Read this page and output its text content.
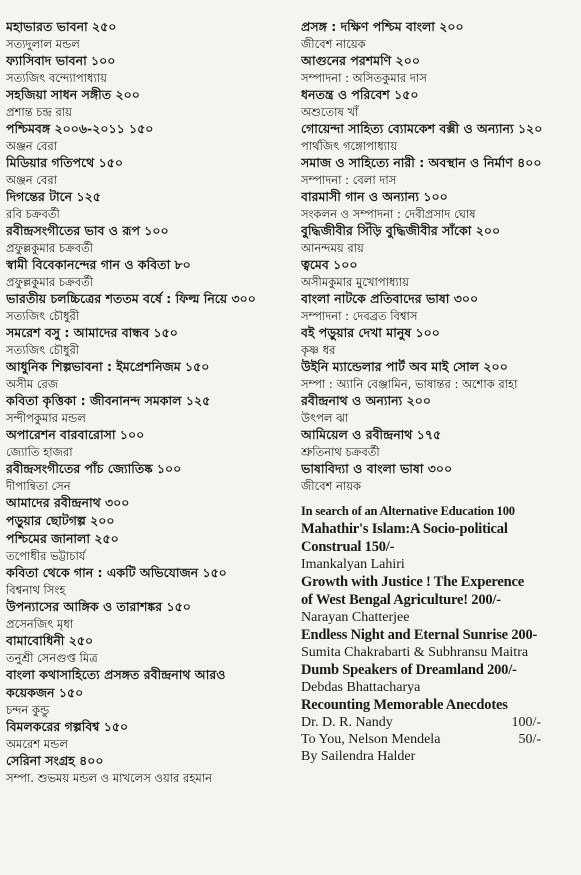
মহাভারত ভাবনা ২৫০
সত্যদুলাল মন্ডল
ফ্যাসিবাদ ভাবনা ১০০
সত্যজিৎ বন্দ্যোপাধ্যায়
সহজিয়া সাধন সঙ্গীত ২০০
প্রশান্ত চন্দ্র রায়
পশ্চিমবঙ্গ ২০০৬-২০১১ ১৫০
অঞ্জন বেরা
মিডিয়ার গতিপথে ১৫০
অঞ্জন বেরা
দিগন্তের টানে ১২৫
রবি চক্রবর্তী
রবীন্দ্রসংগীতের ভাব ও রূপ ১০০
প্রফুল্লকুমার চক্রবর্তী
স্বামী বিবেকানন্দের গান ও কবিতা ৮০
প্রফুল্লকুমার চক্রবর্তী
ভারতীয় চলচ্চিত্রের শততম বর্ষে : ফিল্ম নিয়ে ৩০০
সত্যজিৎ চৌধুরী
সমরেশ বসু : আমাদের বান্ধব ১৫০
সত্যজিৎ চৌধুরী
আধুনিক শিল্পভাবনা : ইমপ্রেশনিজম ১৫০
অসীম রেজ
কবিতা কৃত্তিকা : জীবনানন্দ সমকাল ১২৫
সন্দীপকুমার মন্ডল
অপারেশন বারবারোসা ১০০
জ্যোতি হাজরা
রবীন্দ্রসংগীতের পাঁচ জ্যোতিষ্ক ১০০
দীপান্বিতা সেন
আমাদের রবীন্দ্রনাথ ৩০০
পড়ুয়ার ছোটগল্প ২০০
পশ্চিমের জানালা ২৫০
তপোধীর ভট্টাচার্য
কবিতা থেকে গান : একটি অভিযোজন ১৫০
বিশ্বনাথ সিংহ
উপন্যাসের আঙ্গিক ও তারাশঙ্কর ১৫০
প্রসেনজিৎ মৃধা
বামাবোধিনী ২৫০
তনুশ্রী সেনগুপ্ত মিত্র
বাংলা কথাসাহিত্যে প্রসঙ্গত রবীন্দ্রনাথ আরও
কয়েকজন ১৫০
চন্দন কুন্ডু
বিমলকরের গল্পবিশ্ব ১৫০
অমরেশ মন্ডল
সেরিনা সংগ্রহ ৪০০
সম্পা. শুভময় মন্ডল ও মাখলেস ওয়ার রহমান
প্রসঙ্গ : দক্ষিণ পশ্চিম বাংলা ২০০
জীবেশ নায়েক
আগুনের পরশমণি ২০০
সম্পাদনা : অসিতকুমার দাস
ধনতন্ত্র ও পরিবেশ ১৫০
অশুতোষ খাঁ
গোয়েন্দা সাহিত্য ব্যোমকেশ বক্সী ও অন্যান্য ১২০
পার্থজিৎ গঙ্গোপাধ্যায়
সমাজ ও সাহিত্যে নারী : অবস্থান ও নির্মাণ ৪০০
সম্পাদনা : বেলা দাস
বারমাসী গান ও অন্যান্য ১০০
সংকলন ও সম্পাদনা : দেবীপ্রসাদ ঘোষ
বুদ্ধিজীবীর সিঁড়ি বুদ্ধিজীবীর সাঁকো ২০০
আনন্দময় রায়
ত্বমেব ১০০
অসীমকুমার মুখোপাধ্যায়
বাংলা নাটকে প্রতিবাদের ভাষা ৩০০
সম্পাদনা : দেবব্রত বিশ্বাস
বই পড়ুয়ার দেখা মানুষ ১০০
কৃষ্ণ ধর
উইনি ম্যান্ডেলার পার্ট অব মাই সোল ২০০
সম্পা : অ্যানি বেঞ্জামিন, ভাষান্তর : অশোক রাহা
রবীন্দ্রনাথ ও অন্যান্য ২০০
উৎপল ঝা
আমিয়েল ও রবীন্দ্রনাথ ১৭৫
শ্রুতিনাথ চক্রবর্তী
ভাষাবিদ্যা ও বাংলা ভাষা ৩০০
জীবেশ নায়ক
In search of an Alternative Education 100
Mahathir's Islam:A Socio-political
Construal 150/-
Imankalyan Lahiri
Growth with Justice ! The Experence
of West Bengal Agriculture! 200/-
Narayan Chatterjee
Endless Night and Eternal Sunrise 200-
Sumita Chakrabarti & Subhransu Maitra
Dumb Speakers of Dreamland 200/-
Debdas Bhattacharya
Recounting Memorable Anecdotes
Dr. D. R. Nandy	100/-
To You, Nelson Mendela	50/-
By Sailendra Halder
